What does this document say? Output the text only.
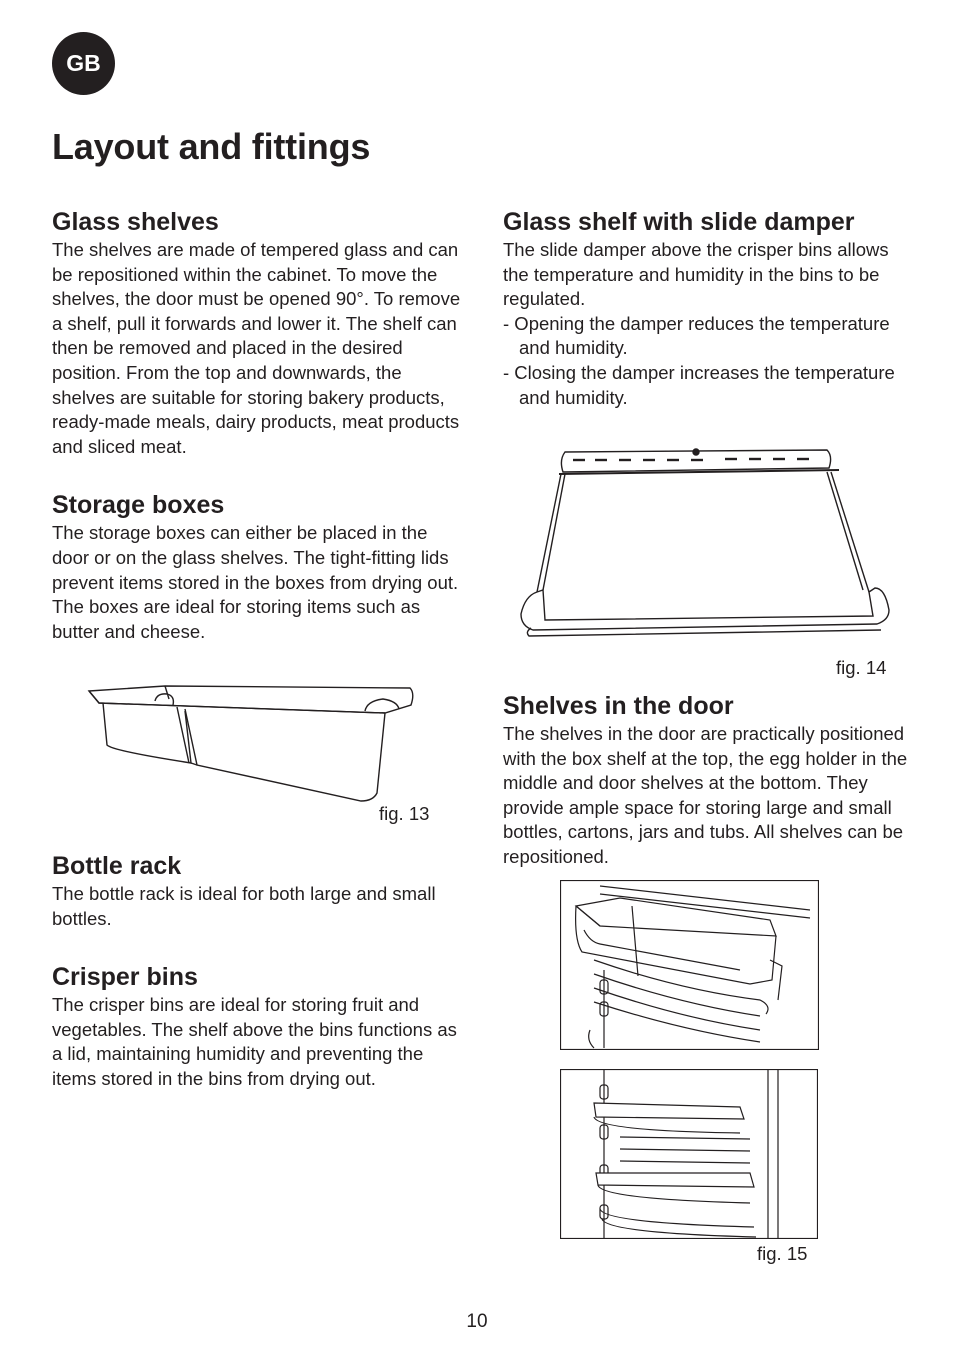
GB
Layout and fittings
Glass shelves

The shelves are made of tempered glass and can be repositioned within the cabinet. To move the shelves, the door must be opened 90°. To remove a shelf, pull it forwards and lower it. The shelf can then be removed and placed in the desired position. From the top and downwards, the shelves are suitable for storing bakery products, ready-made meals, dairy products, meat products and sliced meat.

Storage boxes

The storage boxes can either be placed in the door or on the glass shelves. The tight-fitting lids prevent items stored in the boxes from drying out. The boxes are ideal for storing items such as butter and cheese.

fig. 13
Bottle rack

The bottle rack is ideal for both large and small bottles.

Crisper bins

The crisper bins are ideal for storing fruit and vegetables. The shelf above the bins functions as a lid, maintaining humidity and preventing the items stored in the bins from drying out.

Glass shelf with slide damper

The slide damper above the crisper bins allows the temperature and humidity in the bins to be regulated.

- Opening the damper reduces the temperature and humidity.
- Closing the damper increases the temperature and humidity.
fig. 14
Shelves in the door

The shelves in the door are practically positioned with the box shelf at the top, the egg holder in the middle and door shelves at the bottom. They provide ample space for storing large and small bottles, cartons, jars and tubs. All shelves can be repositioned.

fig. 15
10
